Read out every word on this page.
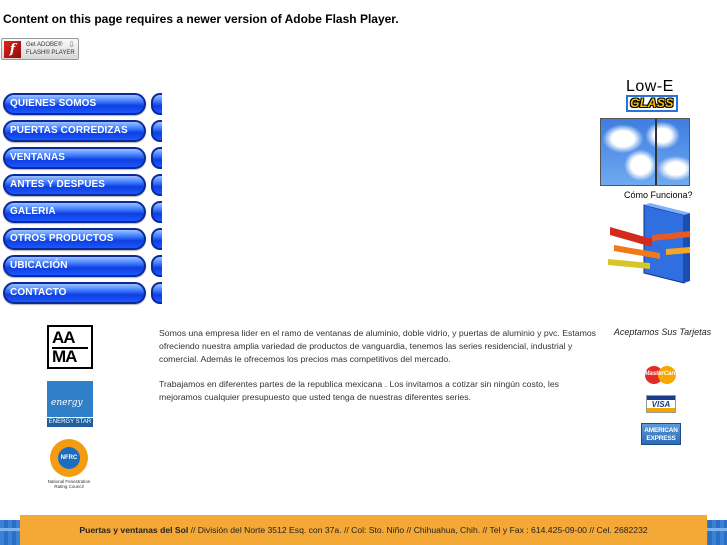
Content on this page requires a newer version of Adobe Flash Player.
f	Get ADOBE®
FLASH® PLAYER
⇩
QUIENES SOMOS
PUERTAS CORREDIZAS
VENTANAS
ANTES Y DESPUES
GALERIA
OTROS PRODUCTOS
UBICACIÓN
CONTACTO
Low-E
GLASS
Cómo Funciona?
AA
MA
energy
ENERGY STAR
NFRC
National Fenestration Rating Council

Somos una empresa lider en el ramo de ventanas de aluminio, doble vidrio, y puertas de aluminio y pvc. Estamos ofreciendo nuestra amplia variedad de productos de vanguardia, tenemos las series residencial, industrial y comercial. Además le ofrecemos los precios mas competitivos del mercado.

Trabajamos en diferentes partes de la republica mexicana . Los invitamos a cotizar sin ningún costo, les mejoramos cualquier presupuesto que usted tenga de nuestras diferentes series.

Aceptamos Sus Tarjetas
MasterCard
VISA
AMERICAN
EXPRESS
Puertas y ventanas del Sol // División del Norte 3512 Esq. con 37a. // Col: Sto. Niño // Chihuahua, Chih. // Tel y Fax : 614.425-09-00 // Cel. 2682232
